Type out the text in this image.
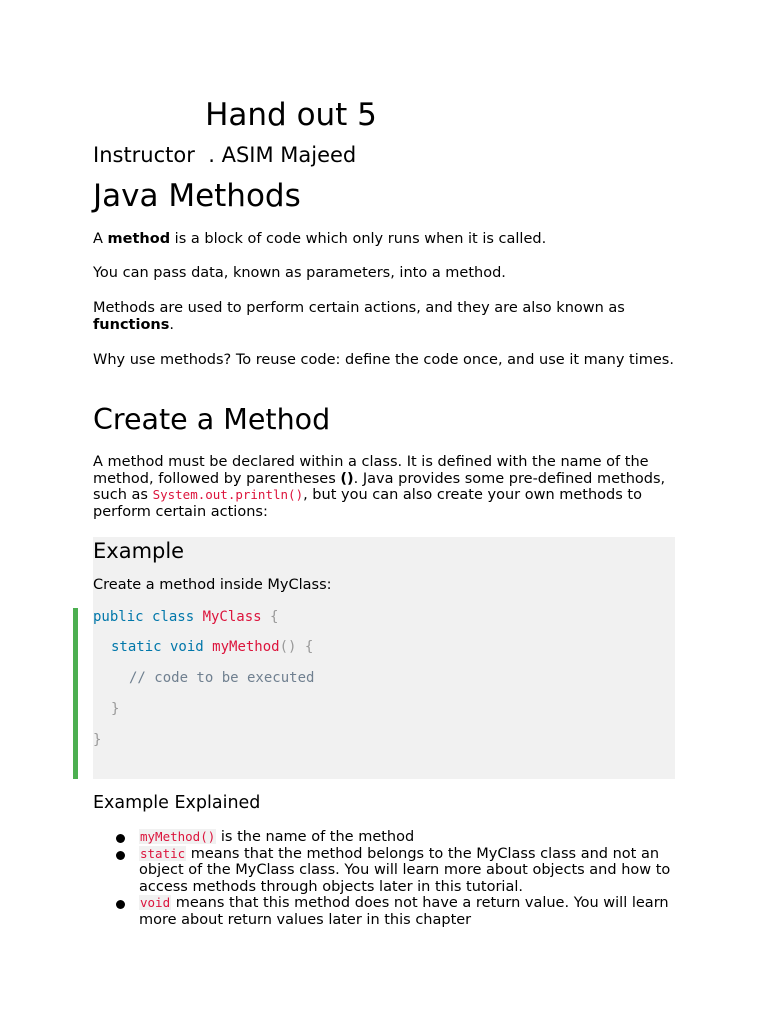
Hand out 5
Instructor  . ASIM Majeed
Java Methods
A method is a block of code which only runs when it is called.
You can pass data, known as parameters, into a method.
Methods are used to perform certain actions, and they are also known as functions.
Why use methods? To reuse code: define the code once, and use it many times.
Create a Method
A method must be declared within a class. It is defined with the name of the method, followed by parentheses (). Java provides some pre-defined methods, such as System.out.println(), but you can also create your own methods to perform certain actions:
Example
Create a method inside MyClass:
public class MyClass {
static void myMethod() {
// code to be executed
}
}
Example Explained
myMethod() is the name of the method
static means that the method belongs to the MyClass class and not an object of the MyClass class. You will learn more about objects and how to access methods through objects later in this tutorial.
void means that this method does not have a return value. You will learn more about return values later in this chapter
